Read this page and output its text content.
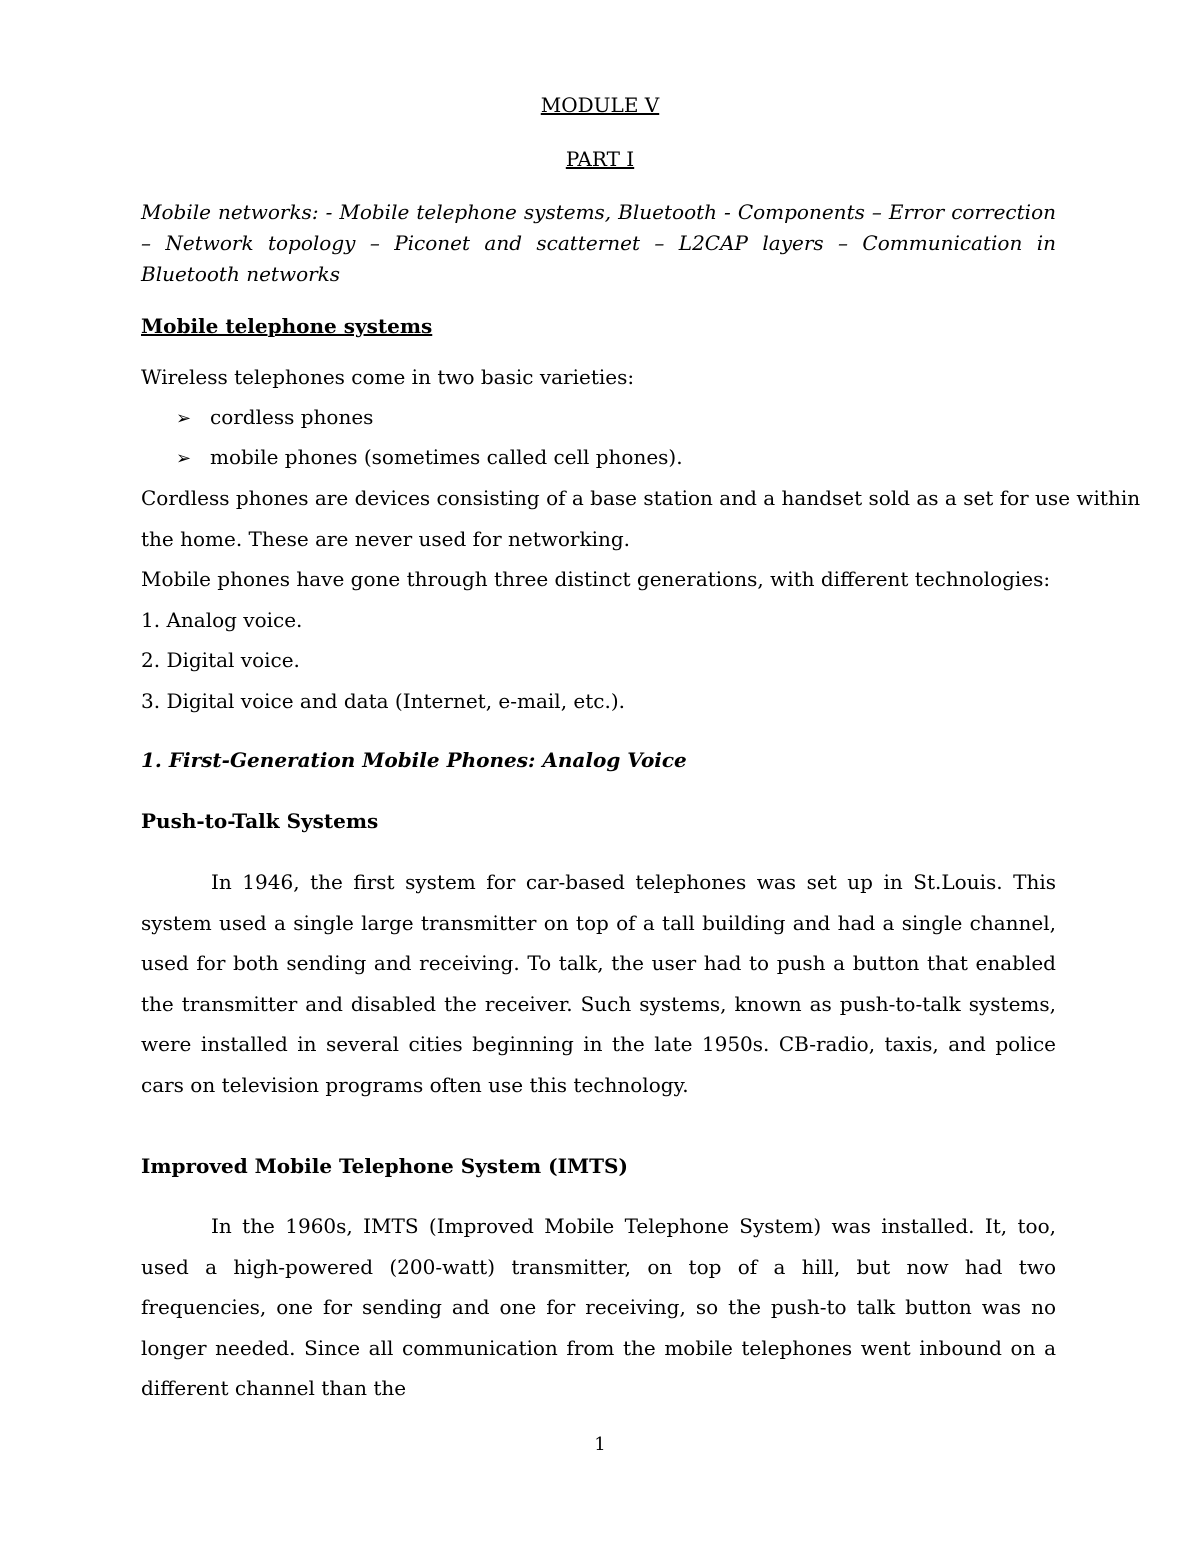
MODULE V
PART I
Mobile networks: - Mobile telephone systems, Bluetooth - Components – Error correction – Network topology – Piconet and scatternet – L2CAP layers – Communication in Bluetooth networks
Mobile telephone systems
Wireless telephones come in two basic varieties:
➢ cordless phones
➢ mobile phones (sometimes called cell phones).
Cordless phones are devices consisting of a base station and a handset sold as a set for use within
the home. These are never used for networking.
Mobile phones have gone through three distinct generations, with different technologies:
1. Analog voice.
2. Digital voice.
3. Digital voice and data (Internet, e-mail, etc.).
1. First-Generation Mobile Phones: Analog Voice
Push-to-Talk Systems
In 1946, the first system for car-based telephones was set up in St.Louis. This system used a single large transmitter on top of a tall building and had a single channel, used for both sending and receiving. To talk, the user had to push a button that enabled the transmitter and disabled the receiver. Such systems, known as push-to-talk systems, were installed in several cities beginning in the late 1950s. CB-radio, taxis, and police cars on television programs often use this technology.
Improved Mobile Telephone System (IMTS)
In the 1960s, IMTS (Improved Mobile Telephone System) was installed. It, too, used a high-powered (200-watt) transmitter, on top of a hill, but now had two frequencies, one for sending and one for receiving, so the push-to talk button was no longer needed. Since all communication from the mobile telephones went inbound on a different channel than the
1
